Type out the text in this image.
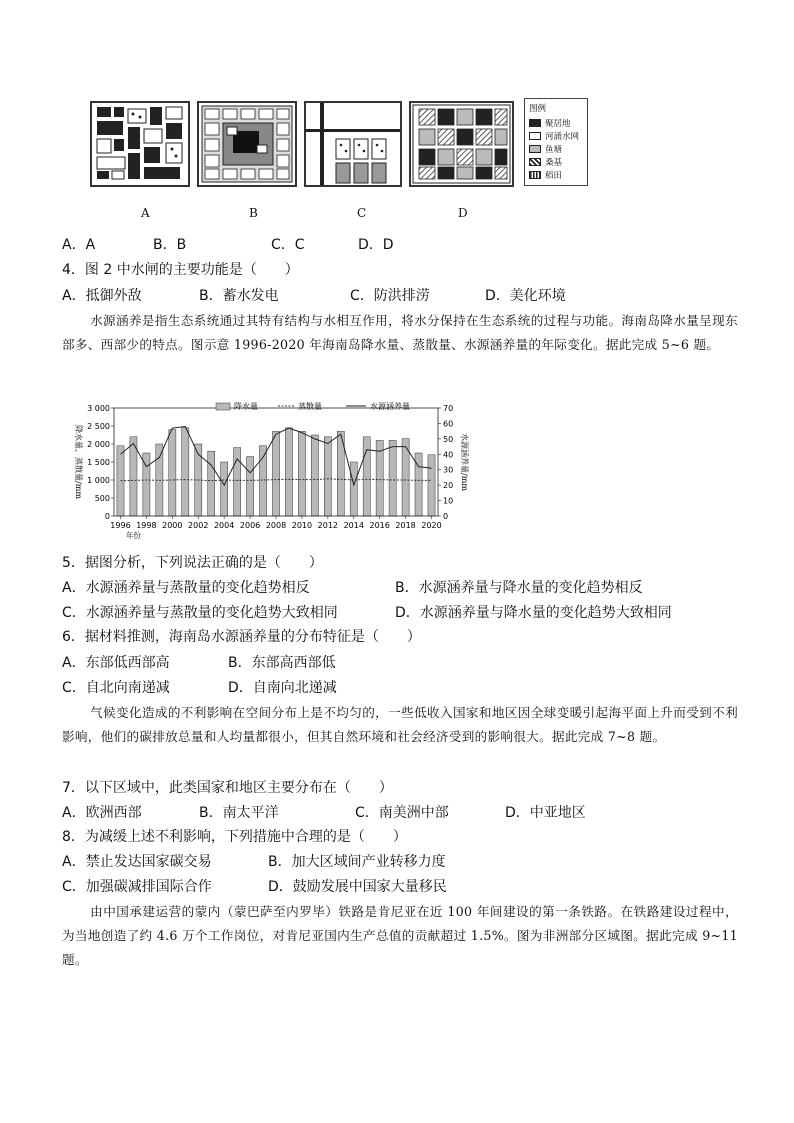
图例
聚居地
河涌水网
鱼塘
桑基
稻田
A	B	C	D
A．A	B．B	C．C	D．D
4．图 2 中水闸的主要功能是（　　）
A．抵御外敌	B．蓄水发电	C．防洪排涝	D．美化环境
水源涵养是指生态系统通过其特有结构与水相互作用，将水分保持在生态系统的过程与功能。海南岛降水量呈现东部多、西部少的特点。图示意 1996-2020 年海南岛降水量、蒸散量、水源涵养量的年际变化。据此完成 5~6 题。
0
500
1 000
1 500
2 000
2 500
3 000
0
10
20
30
40
50
60
70
1996 1998 2000 2002 2004 2006 2008 2010 2012 2014 2016 2018 2020
年份
降水量、蒸散量/mm	水源涵养量/mm
降水量	蒸散量	水源涵养量
5．据图分析，下列说法正确的是（　　）
A．水源涵养量与蒸散量的变化趋势相反	B．水源涵养量与降水量的变化趋势相反
C．水源涵养量与蒸散量的变化趋势大致相同	D．水源涵养量与降水量的变化趋势大致相同
6．据材料推测，海南岛水源涵养量的分布特征是（　　）
A．东部低西部高	B．东部高西部低
C．自北向南递减	D．自南向北递减
气候变化造成的不利影响在空间分布上是不均匀的，一些低收入国家和地区因全球变暖引起海平面上升而受到不利影响，他们的碳排放总量和人均量都很小，但其自然环境和社会经济受到的影响很大。据此完成 7~8 题。
7．以下区域中，此类国家和地区主要分布在（　　）
A．欧洲西部	B．南太平洋	C．南美洲中部	D．中亚地区
8．为减缓上述不利影响，下列措施中合理的是（　　）
A．禁止发达国家碳交易	B．加大区域间产业转移力度
C．加强碳减排国际合作	D．鼓励发展中国家大量移民
由中国承建运营的蒙内（蒙巴萨至内罗毕）铁路是肯尼亚在近 100 年间建设的第一条铁路。在铁路建设过程中，为当地创造了约 4.6 万个工作岗位，对肯尼亚国内生产总值的贡献超过 1.5%。图为非洲部分区域图。据此完成 9~11 题。
